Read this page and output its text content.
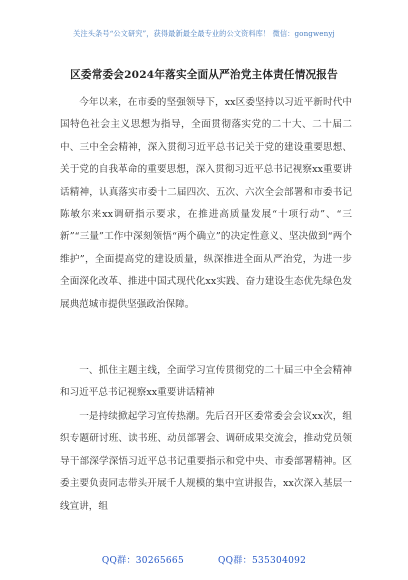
关注头条号“公文研究”，获得最新最全最专业的公文资料库！ 微信：gongwenyj
区委常委会2024年落实全面从严治党主体责任情况报告

今年以来，在市委的坚强领导下，xx区委坚持以习近平新时代中国特色社会主义思想为指导，全面贯彻落实党的二十大、二十届二中、三中全会精神，深入贯彻习近平总书记关于党的建设重要思想、关于党的自我革命的重要思想，深入贯彻习近平总书记视察xx重要讲话精神，认真落实市委十二届四次、五次、六次全会部署和市委书记陈敏尔来xx调研指示要求，在推进高质量发展“十项行动”、“三新”“三量”工作中深刻领悟“两个确立”的决定性意义、坚决做到“两个维护”，全面提高党的建设质量，纵深推进全面从严治党，为进一步全面深化改革、推进中国式现代化xx实践、奋力建设生态优先绿色发展典范城市提供坚强政治保障。

一、抓住主题主线，全面学习宣传贯彻党的二十届三中全会精神和习近平总书记视察xx重要讲话精神

一是持续掀起学习宣传热潮。先后召开区委常委会会议xx次，组织专题研讨班、读书班、动员部署会、调研成果交流会，推动党员领导干部深学深悟习近平总书记重要指示和党中央、市委部署精神。区委主要负责同志带头开展千人规模的集中宣讲报告，xx次深入基层一线宣讲，组

QQ群：30265665	QQ群：535304092
